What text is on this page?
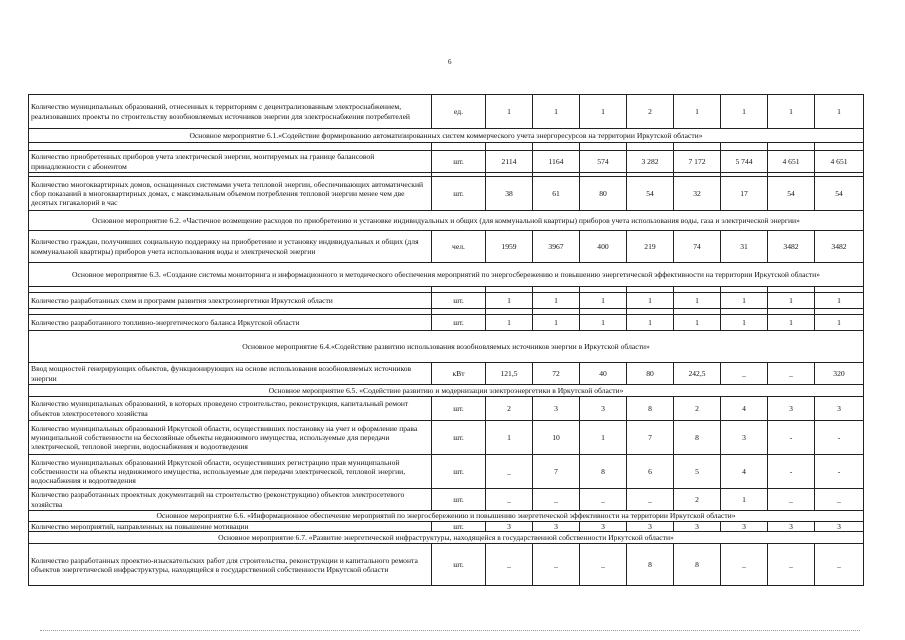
6
Количество муниципальных образований, отнесенных к территориям с децентрализованным электроснабжением, реализовавших проекты по строительству возобновляемых источников энергии для электроснабжения потребителей	ед.	1	1	1	2	1	1	1	1
Основное мероприятие 6.1.«Содействие формированию автоматизированных систем коммерческого учета энергоресурсов на территории Иркутской области»									

Количество приобретенных приборов учета электрической энергии, монтируемых на границе балансовой принадлежности с абонентом	шт.	2114	1164	574	3 282	7 172	5 744	4 651	4 651

Количество многоквартирных домов, оснащенных системами учета тепловой энергии, обеспечивающих автоматический сбор показаний в многоквартирных домах, с максимальным объемом потребления тепловой энергии менее чем две десятых гигакалорий в час	шт.	38	61	80	54	32	17	54	54
Основное мероприятие 6.2. «Частичное возмещение расходов по приобретению и установке индивидуальных и общих (для коммунальной квартиры) приборов учета использования воды, газа и электрической энергии»									
Количество граждан, получивших социальную поддержку на приобретение и установку индивидуальных и общих (для коммунальной квартиры) приборов учета использования воды и электрической энергии	чел.	1959	3967	400	219	74	31	3482	3482
Основное мероприятие 6.3. «Создание системы мониторинга и информационного и методического обеспечения мероприятий по энергосбережению и повышению энергетической эффективности на территории Иркутской области»									

Количество разработанных схем и программ развития электроэнергетики Иркутской области	шт.	1	1	1	1	1	1	1	1

Количество разработанного топливно-энергетического баланса Иркутской области	шт.	1	1	1	1	1	1	1	1
Основное мероприятие 6.4.«Содействие развитию использования возобновляемых источников энергии в Иркутской области»									
Ввод мощностей генерирующих объектов, функционирующих на основе использования возобновляемых источников энергии	кВт	121,5	72	40	80	242,5	_	_	320
Основное мероприятие 6.5. «Содействие развитию и модернизации электроэнергетики в Иркутской области»									
Количество муниципальных образований, в которых проведено строительство, реконструкция, капитальный ремонт объектов электросетевого хозяйства	шт.	2	3	3	8	2	4	3	3
Количество муниципальных образований Иркутской области, осуществивших постановку на учет и оформление права муниципальной собственности на бесхозяйные объекты недвижимого имущества, используемые для передачи электрической, тепловой энергии, водоснабжения и водоотведения	шт.	1	10	1	7	8	3	-	-
Количество муниципальных образований Иркутской области, осуществивших регистрацию прав муниципальной собственности на объекты недвижимого имущества, используемые для передачи электрической, тепловой энергии, водоснабжения и водоотведения	шт.	_	7	8	6	5	4	-	-
Количество разработанных проектных документаций на строительство (реконструкцию) объектов электросетевого хозяйства	шт.	_	_	_	_	2	1	_	_
Основное мероприятие 6.6. «Информационное обеспечение мероприятий по энергосбережению и повышению энергетической эффективности на территории Иркутской области»									
Количество мероприятий, направленных на повышение мотивации	шт.	3	3	3	3	3	3	3	3
Основное мероприятие 6.7. «Развитие энергетической инфраструктуры, находящейся в государственной собственности Иркутской области»									
Количество разработанных проектно-изыскательских работ для строительства, реконструкции и капитального ремонта объектов энергетической инфраструктуры, находящейся в государственной собственности Иркутской области	шт.	_	_	_	8	8	_	_	_
